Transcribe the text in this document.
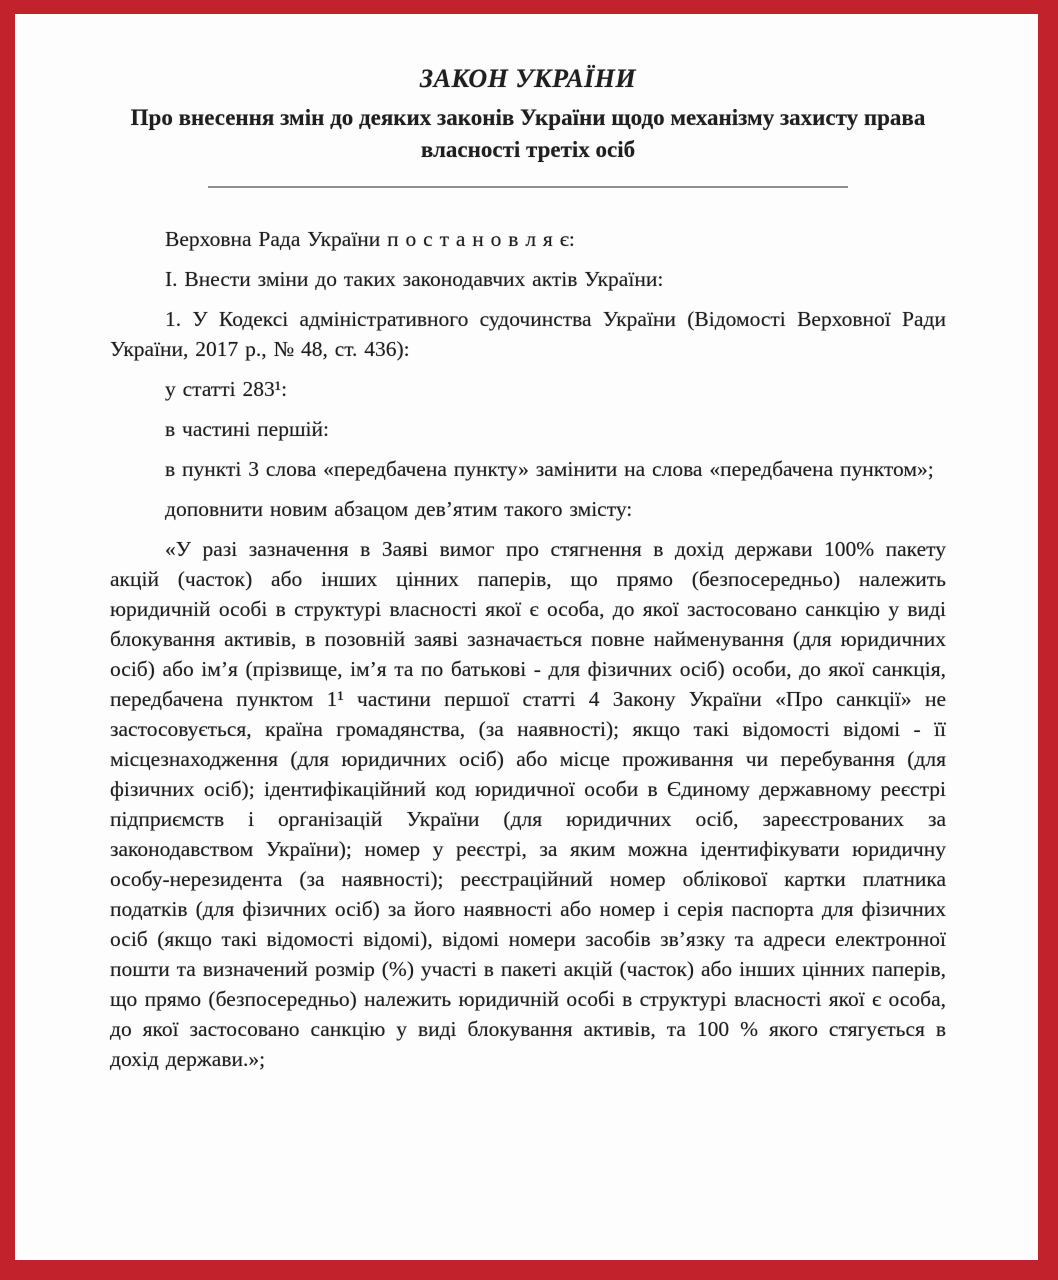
ЗАКОН УКРАЇНИ
Про внесення змін до деяких законів України щодо механізму захисту права власності третіх осіб

Верховна Рада України п о с т а н о в л я є:

I. Внести зміни до таких законодавчих актів України:

1. У Кодексі адміністративного судочинства України (Відомості Верховної Ради України, 2017 р., № 48, ст. 436):

у статті 283¹:

в частині першій:

в пункті 3 слова «передбачена пункту» замінити на слова «передбачена пунктом»;

доповнити новим абзацом дев’ятим такого змісту:

«У разі зазначення в Заяві вимог про стягнення в дохід держави 100% пакету акцій (часток) або інших цінних паперів, що прямо (безпосередньо) належить юридичній особі в структурі власності якої є особа, до якої застосовано санкцію у виді блокування активів, в позовній заяві зазначається повне найменування (для юридичних осіб) або ім’я (прізвище, ім’я та по батькові - для фізичних осіб) особи, до якої санкція, передбачена пунктом 1¹ частини першої статті 4 Закону України «Про санкції» не застосовується, країна громадянства, (за наявності); якщо такі відомості відомі - її місцезнаходження (для юридичних осіб) або місце проживання чи перебування (для фізичних осіб); ідентифікаційний код юридичної особи в Єдиному державному реєстрі підприємств і організацій України (для юридичних осіб, зареєстрованих за законодавством України); номер у реєстрі, за яким можна ідентифікувати юридичну особу-нерезидента (за наявності); реєстраційний номер облікової картки платника податків (для фізичних осіб) за його наявності або номер і серія паспорта для фізичних осіб (якщо такі відомості відомі), відомі номери засобів зв’язку та адреси електронної пошти та визначений розмір (%) участі в пакеті акцій (часток) або інших цінних паперів, що прямо (безпосередньо) належить юридичній особі в структурі власності якої є особа, до якої застосовано санкцію у виді блокування активів, та 100 % якого стягується в дохід держави.»;
